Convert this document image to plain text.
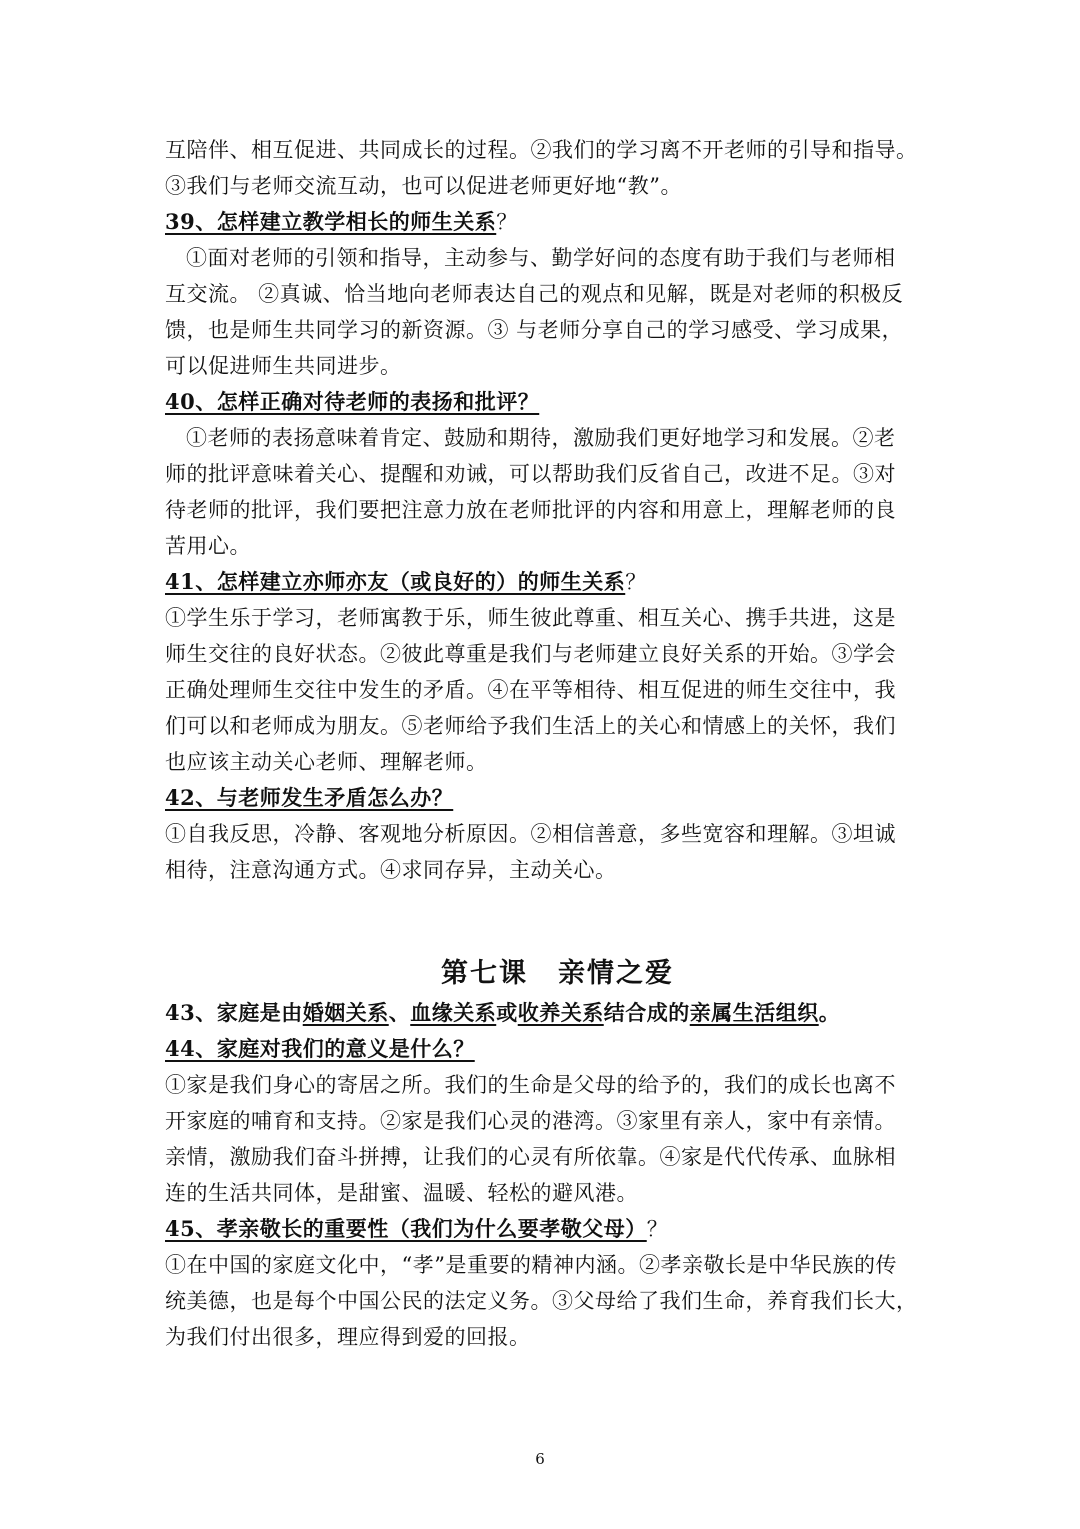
互陪伴、相互促进、共同成长的过程。②我们的学习离不开老师的引导和指导。
③我们与老师交流互动，也可以促进老师更好地“教”。
39、怎样建立教学相长的师生关系？
①面对老师的引领和指导，主动参与、勤学好问的态度有助于我们与老师相
互交流。 ②真诚、恰当地向老师表达自己的观点和见解，既是对老师的积极反
馈，也是师生共同学习的新资源。③ 与老师分享自己的学习感受、学习成果，
可以促进师生共同进步。
40、怎样正确对待老师的表扬和批评？
①老师的表扬意味着肯定、鼓励和期待，激励我们更好地学习和发展。②老
师的批评意味着关心、提醒和劝诫，可以帮助我们反省自己，改进不足。③对
待老师的批评，我们要把注意力放在老师批评的内容和用意上，理解老师的良
苦用心。
41、怎样建立亦师亦友（或良好的）的师生关系？
①学生乐于学习，老师寓教于乐，师生彼此尊重、相互关心、携手共进，这是
师生交往的良好状态。②彼此尊重是我们与老师建立良好关系的开始。③学会
正确处理师生交往中发生的矛盾。④在平等相待、相互促进的师生交往中，我
们可以和老师成为朋友。⑤老师给予我们生活上的关心和情感上的关怀，我们
也应该主动关心老师、理解老师。
42、与老师发生矛盾怎么办？
①自我反思，冷静、客观地分析原因。②相信善意，多些宽容和理解。③坦诚
相待，注意沟通方式。④求同存异，主动关心。
第七课 亲情之爱
43、家庭是由婚姻关系、血缘关系或收养关系结合成的亲属生活组织。
44、家庭对我们的意义是什么？
①家是我们身心的寄居之所。我们的生命是父母的给予的，我们的成长也离不
开家庭的哺育和支持。②家是我们心灵的港湾。③家里有亲人，家中有亲情。
亲情，激励我们奋斗拼搏，让我们的心灵有所依靠。④家是代代传承、血脉相
连的生活共同体，是甜蜜、温暖、轻松的避风港。
45、孝亲敬长的重要性（我们为什么要孝敬父母）？
①在中国的家庭文化中，“孝”是重要的精神内涵。②孝亲敬长是中华民族的传
统美德，也是每个中国公民的法定义务。③父母给了我们生命，养育我们长大，
为我们付出很多，理应得到爱的回报。
6
